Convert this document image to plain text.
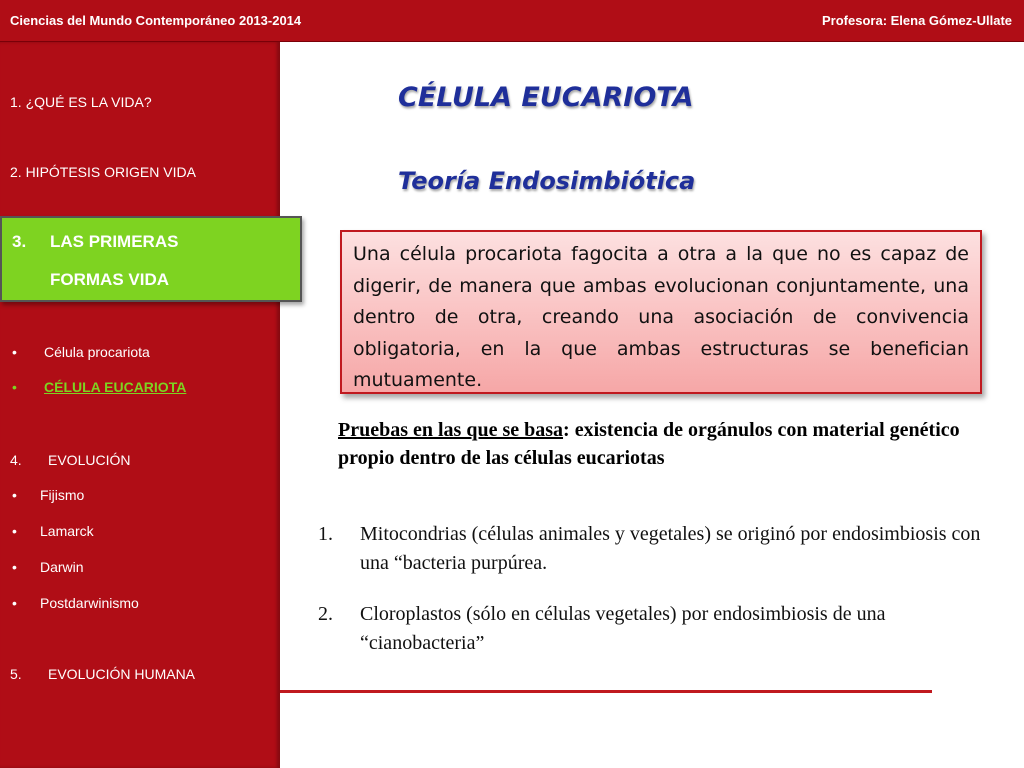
Ciencias del Mundo Contemporáneo 2013-2014	Profesora: Elena Gómez-Ullate
1. ¿QUÉ ES LA VIDA?
2. HIPÓTESIS ORIGEN VIDA
• Célula procariota
• CÉLULA EUCARIOTA
4. EVOLUCIÓN
• Fijismo
• Lamarck
• Darwin
• Postdarwinismo
5. EVOLUCIÓN HUMANA
3. LAS PRIMERAS
FORMAS VIDA
CÉLULA EUCARIOTA
Teoría Endosimbiótica
Una célula procariota fagocita a otra a la que no es capaz de digerir, de manera que ambas evolucionan conjuntamente, una dentro de otra, creando una asociación de convivencia obligatoria, en la que ambas estructuras se benefician mutuamente.
Pruebas en las que se basa: existencia de orgánulos con material genético propio dentro de las células eucariotas
1. Mitocondrias (células animales y vegetales) se originó por endosimbiosis con una “bacteria purpúrea.
2. Cloroplastos (sólo en células vegetales) por endosimbiosis de una “cianobacteria”
